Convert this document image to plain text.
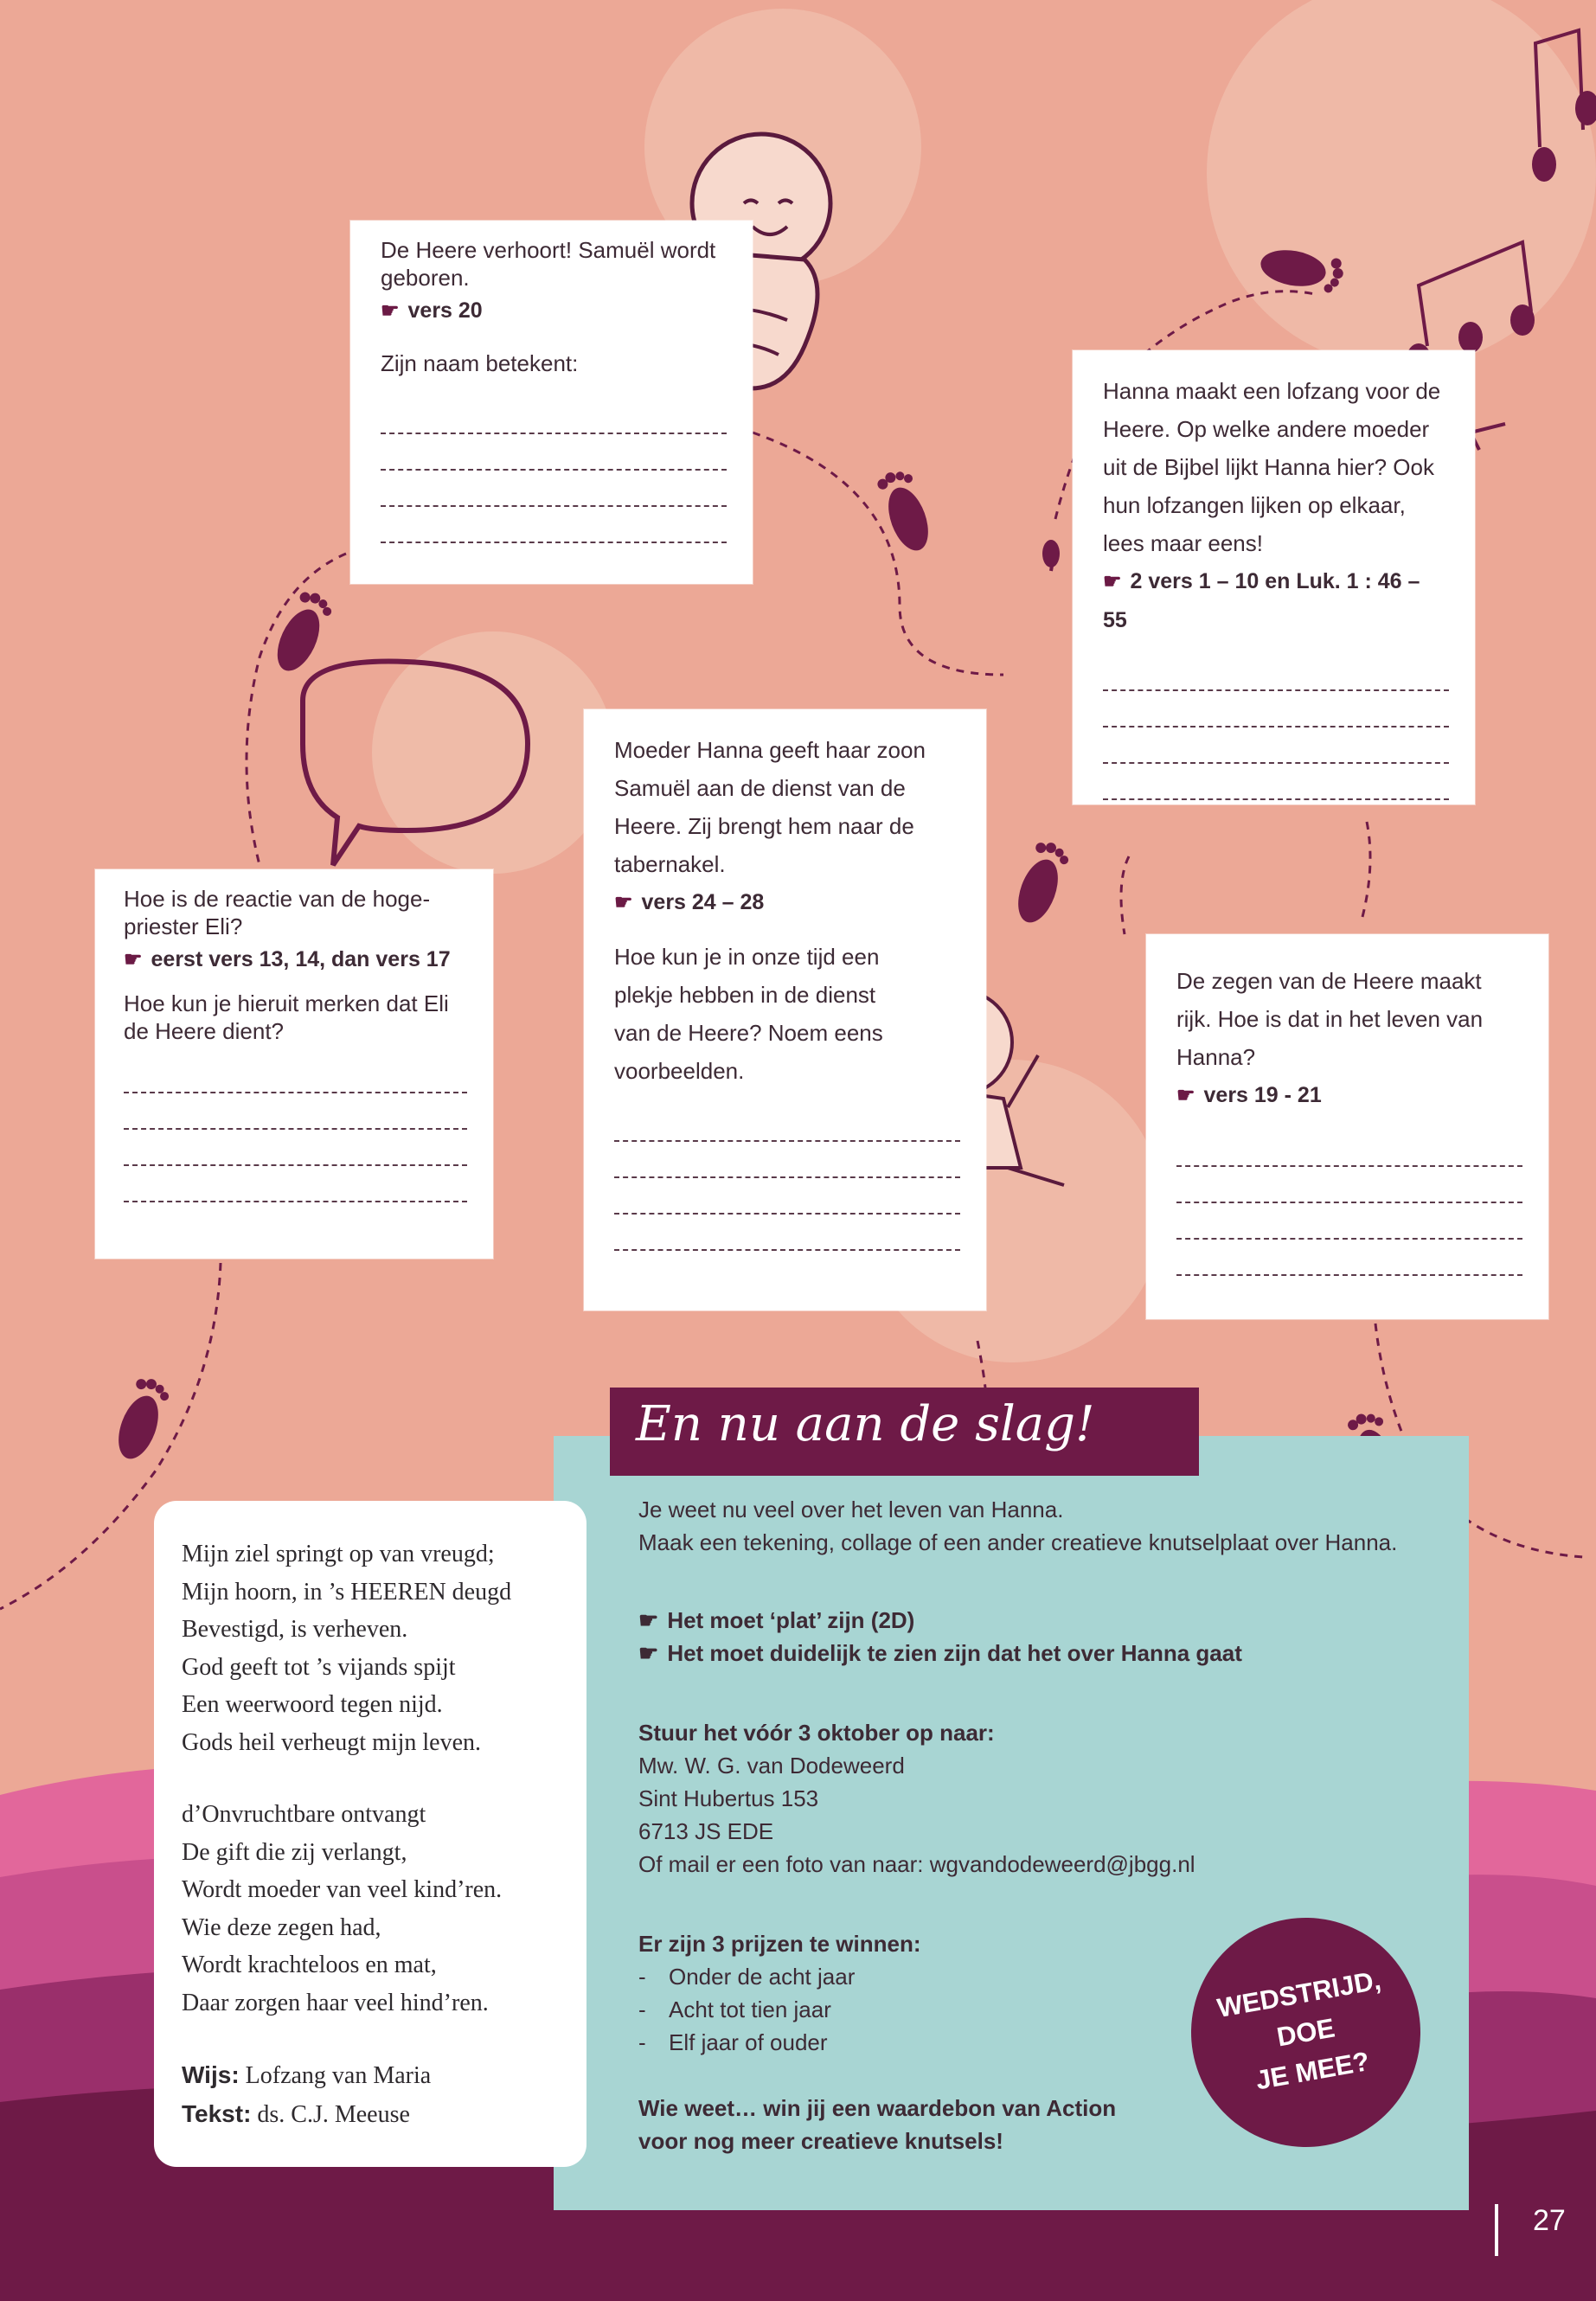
De Heere verhoort! Samuël wordt geboren.

☛ vers 20

Zijn naam betekent:

Hanna maakt een lofzang voor de Heere. Op welke andere moeder uit de Bijbel lijkt Hanna hier? Ook hun lofzangen lijken op elkaar, lees maar eens!

☛ 2 vers 1 – 10 en Luk. 1 : 46 – 55

Hoe is de reactie van de hoge-priester Eli?

☛ eerst vers 13, 14, dan vers 17

Hoe kun je hieruit merken dat Eli de Heere dient?

Moeder Hanna geeft haar zoon Samuël aan de dienst van de Heere. Zij brengt hem naar de tabernakel.

☛ vers 24 – 28

Hoe kun je in onze tijd een plekje hebben in de dienst van de Heere? Noem eens voorbeelden.

De zegen van de Heere maakt rijk. Hoe is dat in het leven van Hanna?

☛ vers 19 - 21

Je weet nu veel over het leven van Hanna.

Maak een tekening, collage of een ander creatieve knutselplaat over Hanna.

☛ Het moet ‘plat’ zijn (2D)

☛ Het moet duidelijk te zien zijn dat het over Hanna gaat

Stuur het vóór 3 oktober op naar:

Mw. W. G. van Dodeweerd

Sint Hubertus 153

6713 JS EDE

Of mail er een foto van naar: wgvandodeweerd@jbgg.nl

Er zijn 3 prijzen te winnen:

- Onder de acht jaar

- Acht tot tien jaar

- Elf jaar of ouder

Wie weet… win jij een waardebon van Action

voor nog meer creatieve knutsels!

En nu aan de slag!
WEDSTRIJD,
DOE
JE MEE?

Mijn ziel springt op van vreugd;

Mijn hoorn, in ’s HEEREN deugd

Bevestigd, is verheven.

God geeft tot ’s vijands spijt

Een weerwoord tegen nijd.

Gods heil verheugt mijn leven.

d’Onvruchtbare ontvangt

De gift die zij verlangt,

Wordt moeder van veel kind’ren.

Wie deze zegen had,

Wordt krachteloos en mat,

Daar zorgen haar veel hind’ren.

Wijs: Lofzang van Maria

Tekst: ds. C.J. Meeuse

27
